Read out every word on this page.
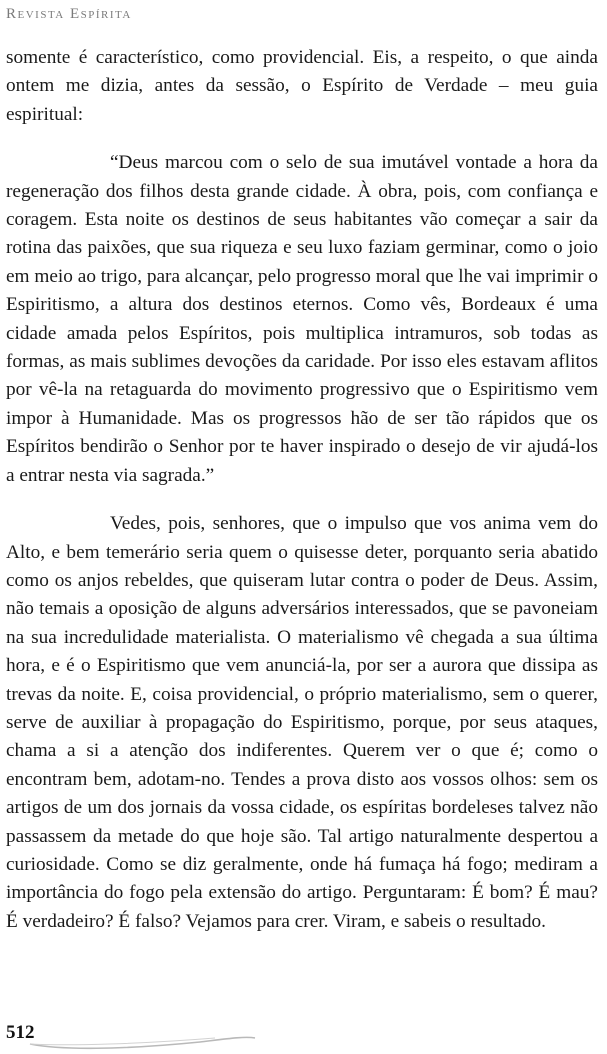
Revista Espírita

somente é característico, como providencial. Eis, a respeito, o que ainda ontem me dizia, antes da sessão, o Espírito de Verdade – meu guia espiritual:

“Deus marcou com o selo de sua imutável vontade a hora da regeneração dos filhos desta grande cidade. À obra, pois, com confiança e coragem. Esta noite os destinos de seus habitantes vão começar a sair da rotina das paixões, que sua riqueza e seu luxo faziam germinar, como o joio em meio ao trigo, para alcançar, pelo progresso moral que lhe vai imprimir o Espiritismo, a altura dos destinos eternos. Como vês, Bordeaux é uma cidade amada pelos Espíritos, pois multiplica intramuros, sob todas as formas, as mais sublimes devoções da caridade. Por isso eles estavam aflitos por vê-la na retaguarda do movimento progressivo que o Espiritismo vem impor à Humanidade. Mas os progressos hão de ser tão rápidos que os Espíritos bendirão o Senhor por te haver inspirado o desejo de vir ajudá-los a entrar nesta via sagrada.”

Vedes, pois, senhores, que o impulso que vos anima vem do Alto, e bem temerário seria quem o quisesse deter, porquanto seria abatido como os anjos rebeldes, que quiseram lutar contra o poder de Deus. Assim, não temais a oposição de alguns adversários interessados, que se pavoneiam na sua incredulidade materialista. O materialismo vê chegada a sua última hora, e é o Espiritismo que vem anunciá-la, por ser a aurora que dissipa as trevas da noite. E, coisa providencial, o próprio materialismo, sem o querer, serve de auxiliar à propagação do Espiritismo, porque, por seus ataques, chama a si a atenção dos indiferentes. Querem ver o que é; como o encontram bem, adotam-no. Tendes a prova disto aos vossos olhos: sem os artigos de um dos jornais da vossa cidade, os espíritas bordeleses talvez não passassem da metade do que hoje são. Tal artigo naturalmente despertou a curiosidade. Como se diz geralmente, onde há fumaça há fogo; mediram a importância do fogo pela extensão do artigo. Perguntaram: É bom? É mau? É verdadeiro? É falso? Vejamos para crer. Viram, e sabeis o resultado.

512
